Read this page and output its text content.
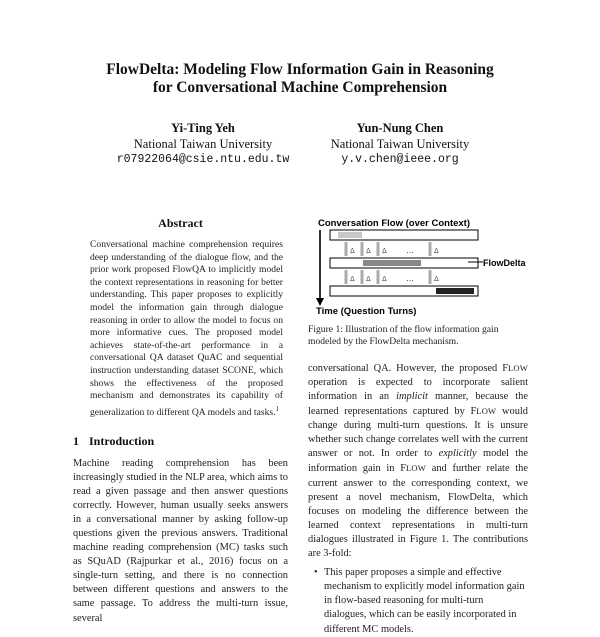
FlowDelta: Modeling Flow Information Gain in Reasoning
for Conversational Machine Comprehension
Yi-Ting Yeh
National Taiwan University
r07922064@csie.ntu.edu.tw
Yun-Nung Chen
National Taiwan University
y.v.chen@ieee.org
Abstract
Conversational machine comprehension requires deep understanding of the dialogue flow, and the prior work proposed FlowQA to implicitly model the context representations in reasoning for better understanding. This paper proposes to explicitly model the information gain through dialogue reasoning in order to allow the model to focus on more informative cues. The proposed model achieves state-of-the-art performance in a conversational QA dataset QuAC and sequential instruction understanding dataset SCONE, which shows the effectiveness of the proposed mechanism and demonstrates its capability of generalization to different QA models and tasks.$^1$
1 Introduction

Machine reading comprehension has been increasingly studied in the NLP area, which aims to read a given passage and then answer questions correctly. However, human usually seeks answers in a conversational manner by asking follow-up questions given the previous answers. Traditional machine reading comprehension (MC) tasks such as SQuAD (Rajpurkar et al., 2016) focus on a single-turn setting, and there is no connection between different questions and answers to the same passage. To address the multi-turn issue, several

Conversation Flow (over Context)
Δ Δ Δ …	Δ
Δ Δ Δ …	Δ
FlowDelta
Time (Question Turns)
Figure 1: Illustration of the flow information gain modeled by the FlowDelta mechanism.

conversational QA. However, the proposed FLOW operation is expected to incorporate salient information in an implicit manner, because the learned representations captured by FLOW would change during multi-turn questions. It is unsure whether such change correlates well with the current answer or not. In order to explicitly model the information gain in FLOW and further relate the current answer to the corresponding context, we present a novel mechanism, FlowDelta, which focuses on modeling the difference between the learned context representations in multi-turn dialogues illustrated in Figure 1. The contributions are 3-fold:

• This paper proposes a simple and effective mechanism to explicitly model information gain in flow-based reasoning for multi-turn dialogues, which can be easily incorporated in different MC models.
